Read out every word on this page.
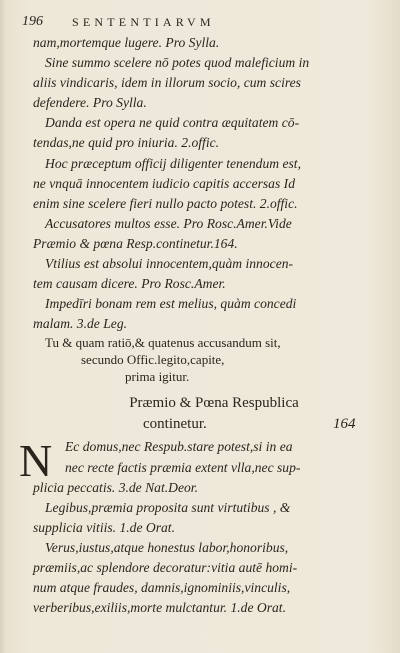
196 SENTENTIARVM
nam,mortemque lugere. Pro Sylla.
Sine summo scelere nō potes quod maleficium in
aliis vindicaris, idem in illorum socio, cum scires
defendere. Pro Sylla.
Danda est opera ne quid contra æquitatem cō-
tendas,ne quid pro iniuria. 2.offic.
Hoc præceptum officij diligenter tenendum est,
ne vnquā innocentem iudicio capitis accersas Id
enim sine scelere fieri nullo pacto potest. 2.offic.
Accusatores multos esse. Pro Rosc.Amer.Vide
Præmio & pœna Resp.continetur.164.
Vtilius est absolui innocentem,quàm innocen-
tem causam dicere. Pro Rosc.Amer.
Impedīri bonam rem est melius, quàm concedi
malam. 3.de Leg.
Tu & quam ratiō,& quatenus accusandum sit,
secundo Offic.legito,capite,
prima igitur.
Præmio & Pœna Respublica
continetur.	164
N Ec domus,nec Respub.stare potest,si in ea
nec recte factis præmia extent vlla,nec sup-
plicia peccatis. 3.de Nat.Deor.
Legibus,præmia proposita sunt virtutibus , &
supplicia vitiis. 1.de Orat.
Verus,iustus,atque honestus labor,honoribus,
præmiis,ac splendore decoratur:vitia autē homi-
num atque fraudes, damnis,ignominiis,vinculis,
verberibus,exiliis,morte mulctantur. 1.de Orat.
